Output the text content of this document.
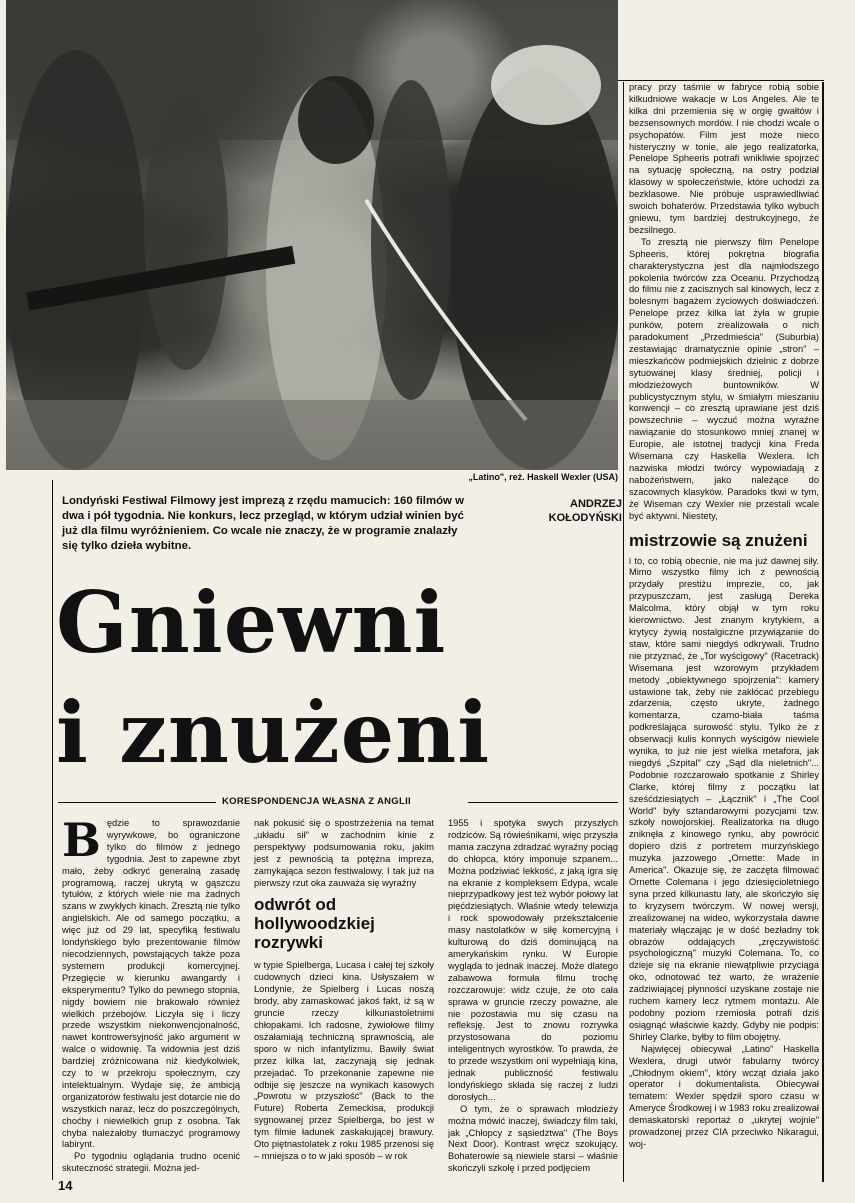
„Latino", reż. Haskell Wexler (USA)
Londyński Festiwal Filmowy jest imprezą z rzędu mamucich: 160 filmów w dwa i pół tygodnia. Nie konkurs, lecz przegląd, w którym udział winien być już dla filmu wyróżnieniem. Co wcale nie znaczy, że w programie znalazły się tylko dzieła wybitne.
ANDRZEJ
KOŁODYŃSKI
Gniewni
i znużeni
KORESPONDENCJA WŁASNA Z ANGLII
B ędzie to sprawozdanie wyrywkowe, bo ograniczone tylko do filmów z jednego tygodnia. Jest to zapewne zbyt mało, żeby odkryć generalną zasadę programową, raczej ukrytą w gąszczu tytułów, z których wiele nie ma żadnych szans w zwykłych kinach. Zresztą nie tylko angielskich. Ale od samego początku, a więc już od 29 lat, specyfiką festiwalu londyńskiego było prezentowanie filmów niecodziennych, powstających także poza systemem produkcji komercyjnej. Przegięcie w kierunku awangardy i eksperymentu? Tylko do pewnego stopnia, nigdy bowiem nie brakowało również wielkich przebojów. Liczyła się i liczy przede wszystkim niekonwencjonalność, nawet kontrowersyjność jako argument w walce o widownię. Ta widownia jest dziś bardziej zróżnicowana niż kiedykolwiek, czy to w przekroju społecznym, czy intelektualnym. Wydaje się, że ambicją organizatorów festiwalu jest dotarcie nie do wszystkich naraz, lecz do poszczególnych, choćby i niewielkich grup z osobna. Tak chyba należałoby tłumaczyć programowy labirynt.

Po tygodniu oglądania trudno ocenić skuteczność strategii. Można jed-

nak pokusić się o spostrzeżenia na temat „układu sił" w zachodnim kinie z perspektywy podsumowania roku, jakim jest z pewnością ta potężna impreza, zamykająca sezon festiwalowy. I tak już na pierwszy rzut oka zauważa się wyraźny

odwrót od hollywoodzkiej rozrywki

w typie Spielberga, Lucasa i całej tej szkoły cudownych dzieci kina. Usłyszałem w Londynie, że Spielberg i Lucas noszą brody, aby zamaskować jakoś fakt, iż są w gruncie rzeczy kilkunastoletnimi chłopakami. Ich radosne, żywiołowe filmy oszałamiają techniczną sprawnością, ale sporo w nich infantylizmu. Bawiły świat przez kilka lat, zaczynają się jednak przejadać. To przekonanie zapewne nie odbije się jeszcze na wynikach kasowych „Powrotu w przyszłość" (Back to the Future) Roberta Zemeckisa, produkcji sygnowanej przez Spielberga, bo jest w tym filmie ładunek zaskakującej brawury. Oto piętnastolatek z roku 1985 przenosi się – mniejsza o to w jaki sposób – w rok

1955 i spotyka swych przyszłych rodziców. Są rówieśnikami, więc przyszła mama zaczyna zdradzać wyraźny pociąg do chłopca, który imponuje szpanem... Można podziwiać lekkość, z jaką igra się na ekranie z kompleksem Edypa, wcale nieprzypadkowy jest też wybór połowy lat pięćdziesiątych. Właśnie wtedy telewizja i rock spowodowały przekształcenie masy nastolatków w siłę komercyjną i kulturową do dziś dominującą na amerykańskim rynku. W Europie wygląda to jednak inaczej. Może dlatego zabawowa formuła filmu trochę rozczarowuje: widz czuje, że oto cała sprawa w gruncie rzeczy poważne, ale nie pozostawia mu się czasu na refleksję. Jest to znowu rozrywka przystosowana do poziomu inteligentnych wyrostków. To prawda, że to przede wszystkim oni wypełniają kina, jednak publiczność festiwalu londyńskiego składa się raczej z ludzi dorosłych...

O tym, że o sprawach młodzieży można mówić inaczej, świadczy film taki, jak „Chłopcy z sąsiedztwa" (The Boys Next Door). Kontrast wręcz szokujący. Bohaterowie są niewiele starsi – właśnie skończyli szkołę i przed podjęciem

pracy przy taśmie w fabryce robią sobie kilkudniowe wakacje w Los Angeles. Ale te kilka dni przemienia się w orgię gwałtów i bezsensownych mordów. I nie chodzi wcale o psychopatów. Film jest może nieco histeryczny w tonie, ale jego realizatorka, Penelope Spheeris potrafi wnikliwie spojrzeć na sytuację społeczną, na ostry podział klasowy w społeczeństwie, które uchodzi za bezklasowe. Nie próbuje usprawiedliwiać swoich bohaterów. Przedstawia tylko wybuch gniewu, tym bardziej destrukcyjnego, że bezsilnego.

To zresztą nie pierwszy film Penelope Spheeris, której pokrętna biografia charakterystyczna jest dla najmłodszego pokolenia twórców zza Oceanu. Przychodzą do filmu nie z zacisznych sal kinowych, lecz z bolesnym bagażem życiowych doświadczeń. Penelope przez kilka lat żyła w grupie punków, potem zrealizowała o nich paradokument „Przedmieścia" (Suburbia) zestawiając dramatycznie opinie „stron" – mieszkańców podmiejskich dzielnic z dobrze sytuowanej klasy średniej, policji i młodzieżowych buntowników. W publicystycznym stylu, w śmiałym mieszaniu konwencji – co zresztą uprawiane jest dziś powszechnie – wyczuć można wyraźne nawiązanie do stosunkowo mniej znanej w Europie, ale istotnej tradycji kina Freda Wisemana czy Haskella Wexlera. Ich nazwiska młodzi twórcy wypowiadają z nabożeństwem, jako należące do szacownych klasyków. Paradoks tkwi w tym, że Wiseman czy Wexler nie przestali wcale być aktywni. Niestety,

mistrzowie są znużeni

i to, co robią obecnie, nie ma już dawnej siły. Mimo wszystko filmy ich z pewnością przydały prestiżu imprezie, co, jak przypuszczam, jest zasługą Dereka Malcolma, który objął w tym roku kierownictwo. Jest znanym krytykiem, a krytycy żywią nostalgiczne przywiązanie do staw, które sami niegdyś odkrywali. Trudno nie przyznać, że „Tor wyścigowy" (Racetrack) Wisemana jest wzorowym przykładem metody „obiektywnego spojrzenia": kamery ustawione tak, żeby nie zakłócać przebiegu zdarzenia, często ukryte, żadnego komentarza, czarno-biała taśma podkreślająca surowość stylu. Tylko że z obserwacji kulis konnych wyścigów niewiele wynika, to już nie jest wielka metafora, jak niegdyś „Szpital" czy „Sąd dla nieletnich"... Podobnie rozczarowało spotkanie z Shirley Clarke, której filmy z początku lat sześćdziesiątych – „Łącznik" i „The Cool World" były sztandarowymi pozycjami tzw. szkoły nowojorskiej. Realizatorka na długo zniknęła z kinowego rynku, aby powrócić dopiero dziś z portretem murzyńskiego muzyka jazzowego „Ornette: Made in America". Okazuje się, że zaczęta filmować Ornette Colemana i jego dziesięcioletniego syna przed kilkunastu laty, ale skończyło się to kryzysem twórczym. W nowej wersji, zrealizowanej na wideo, wykorzystała dawne materiały włączając je w dość bezładny tok obrazów oddających „zręczywistość psychologiczną" muzyki Colemana. To, co dzieje się na ekranie niewątpliwie przyciąga oko, odnotować też warto, że wrażenie zadziwiającej płynności uzyskane zostaje nie ruchem kamery lecz rytmem montażu. Ale podobny poziom rzemiosła potrafi dziś osiągnąć właściwie każdy. Gdyby nie podpis: Shirley Clarke, byłby to film obojętny.

Najwięcej obiecywał „Latino" Haskella Wexlera, drugi utwór fabularny twórcy „Chłodnym okiem", który wcząt działa jako operator i dokumentalista. Obiecywał tematem: Wexler spędził sporo czasu w Ameryce Środkowej i w 1983 roku zrealizował demaskatorski reportaż o „ukrytej wojnie" prowadzonej przez CIA przeciwko Nikaragui, woj-

14
